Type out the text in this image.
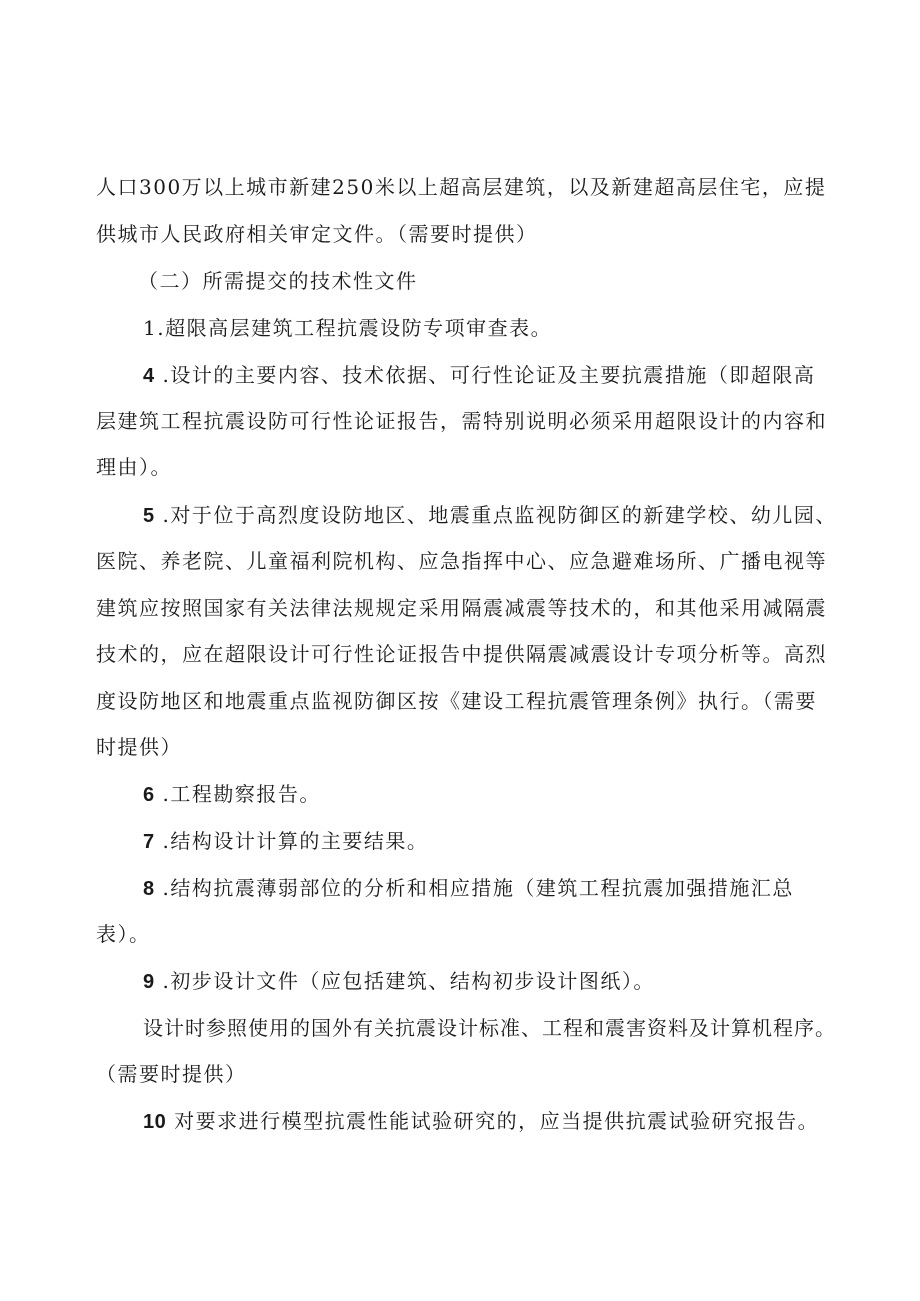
人口300万以上城市新建250米以上超高层建筑，以及新建超高层住宅，应提
供城市人民政府相关审定文件。（需要时提供）
（二）所需提交的技术性文件
1.超限高层建筑工程抗震设防专项审查表。
4 .设计的主要内容、技术依据、可行性论证及主要抗震措施（即超限高
层建筑工程抗震设防可行性论证报告，需特别说明必须采用超限设计的内容和
理由）。
5 .对于位于高烈度设防地区、地震重点监视防御区的新建学校、幼儿园、
医院、养老院、儿童福利院机构、应急指挥中心、应急避难场所、广播电视等
建筑应按照国家有关法律法规规定采用隔震减震等技术的，和其他采用减隔震
技术的，应在超限设计可行性论证报告中提供隔震减震设计专项分析等。高烈
度设防地区和地震重点监视防御区按《建设工程抗震管理条例》执行。（需要
时提供）
6 .工程勘察报告。
7 .结构设计计算的主要结果。
8 .结构抗震薄弱部位的分析和相应措施（建筑工程抗震加强措施汇总
表）。
9 .初步设计文件（应包括建筑、结构初步设计图纸）。
设计时参照使用的国外有关抗震设计标准、工程和震害资料及计算机程序。
（需要时提供）
10 对要求进行模型抗震性能试验研究的，应当提供抗震试验研究报告。
